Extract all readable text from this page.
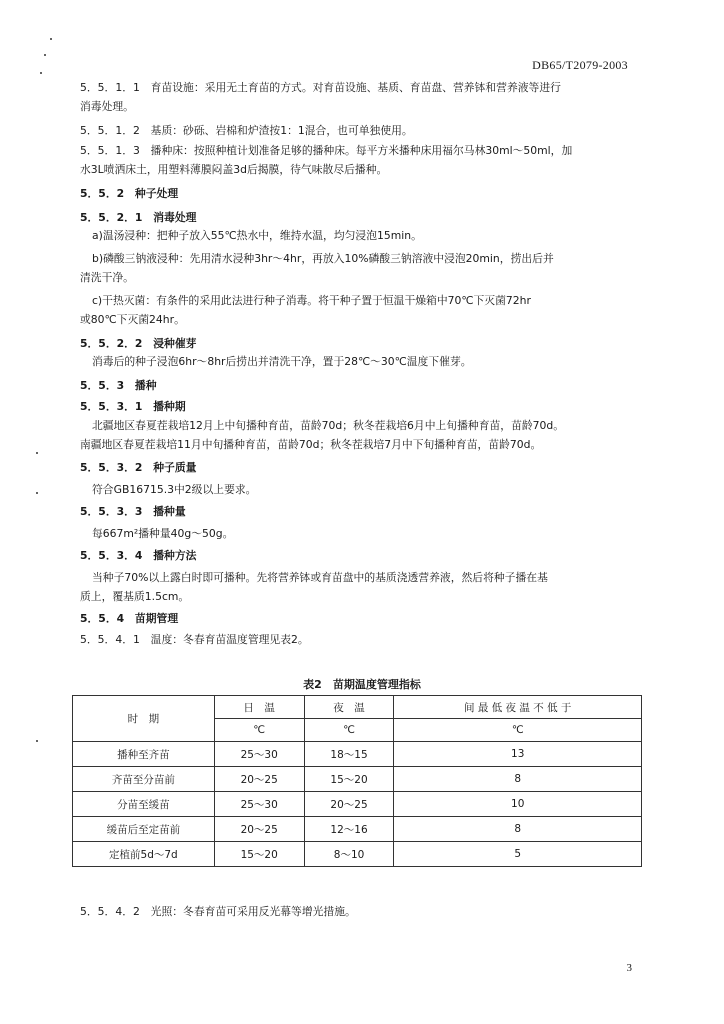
DB65/T2079-2003
5．5．1．1　育苗设施：采用无土育苗的方式。对育苗设施、基质、育苗盘、营养钵和营养液等进行
消毒处理。
5．5．1．2　基质：砂砾、岩棉和炉渣按1：1混合，也可单独使用。
5．5．1．3　播种床：按照种植计划准备足够的播种床。每平方米播种床用福尔马林30ml～50ml，加
水3L喷洒床土，用塑料薄膜闷盖3d后揭膜，待气味散尽后播种。
5．5．2　种子处理
5．5．2．1　消毒处理
a)温汤浸种：把种子放入55℃热水中，维持水温，均匀浸泡15min。
b)磷酸三钠液浸种：先用清水浸种3hr～4hr，再放入10%磷酸三钠溶液中浸泡20min，捞出后并
清洗干净。
c)干热灭菌：有条件的采用此法进行种子消毒。将干种子置于恒温干燥箱中70℃下灭菌72hr
或80℃下灭菌24hr。
5．5．2．2　浸种催芽
消毒后的种子浸泡6hr～8hr后捞出并清洗干净，置于28℃～30℃温度下催芽。
5．5．3　播种
5．5．3．1　播种期
北疆地区春夏茬栽培12月上中旬播种育苗，苗龄70d；秋冬茬栽培6月中上旬播种育苗，苗龄70d。
南疆地区春夏茬栽培11月中旬播种育苗，苗龄70d；秋冬茬栽培7月中下旬播种育苗，苗龄70d。
5．5．3．2　种子质量
符合GB16715.3中2级以上要求。
5．5．3．3　播种量
每667m²播种量40g～50g。
5．5．3．4　播种方法
当种子70%以上露白时即可播种。先将营养钵或育苗盘中的基质浇透营养液，然后将种子播在基
质上，覆基质1.5cm。
5．5．4　苗期管理
5．5．4．1　温度：冬春育苗温度管理见表2。
表2　苗期温度管理指标
时　期	日　温	夜　温	间 最 低 夜 温 不 低 于
	℃	℃	℃
播种至齐苗	25～30	18～15	13
齐苗至分苗前	20～25	15～20	8
分苗至缓苗	25～30	20～25	10
缓苗后至定苗前	20～25	12～16	8
定植前5d～7d	15～20	8～10	5
5．5．4．2　光照：冬春育苗可采用反光幕等增光措施。
3
